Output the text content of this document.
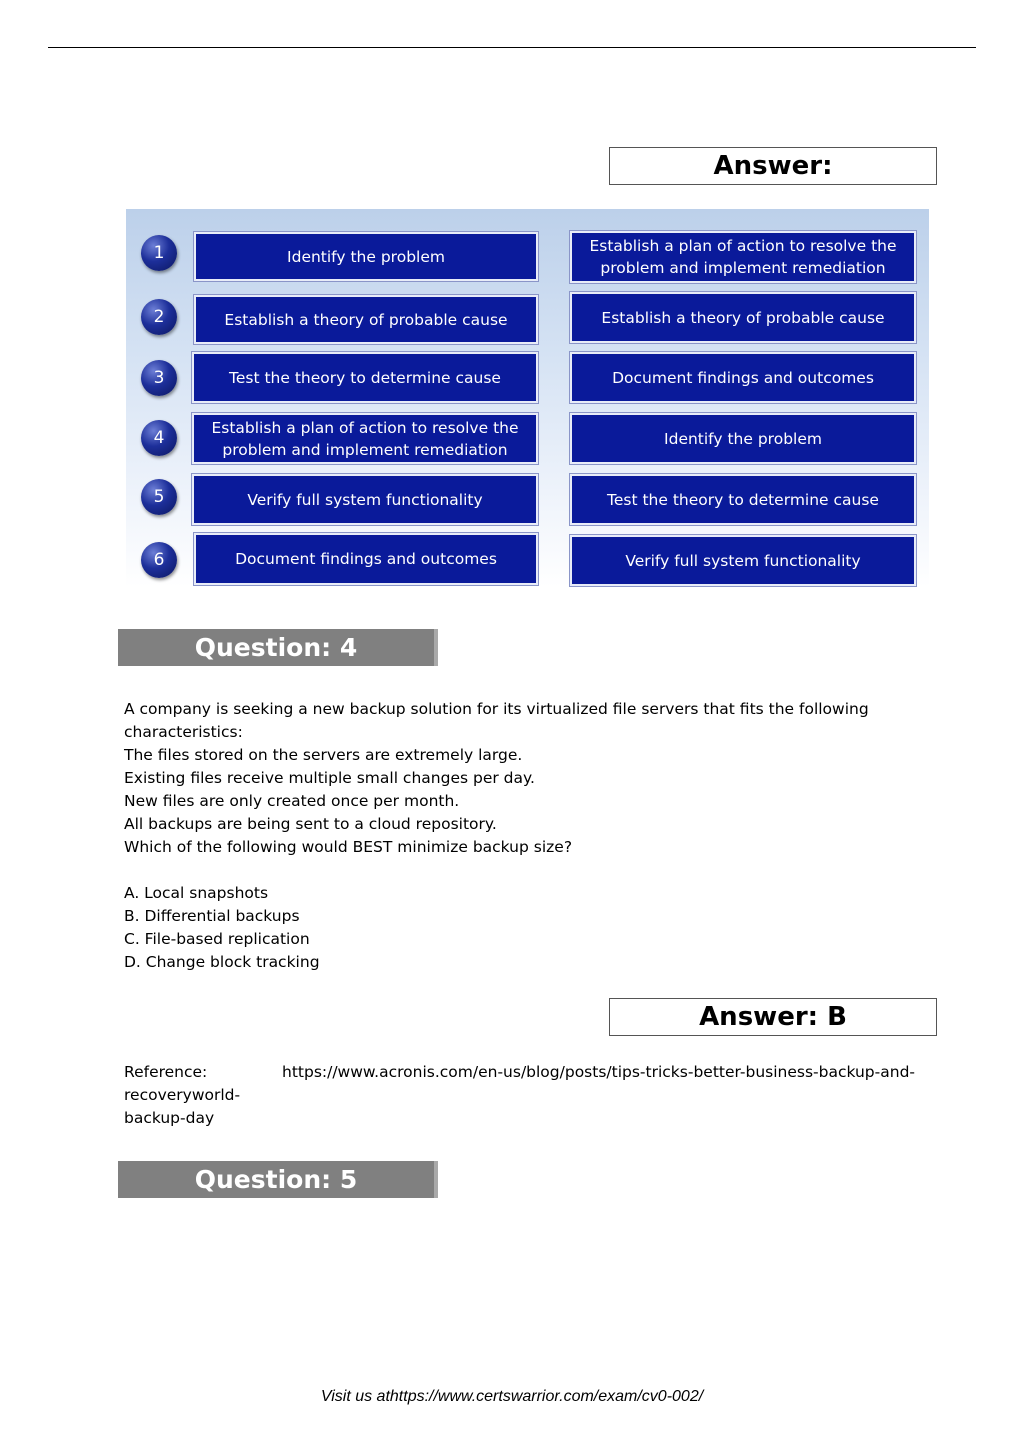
Answer:
1
2
3
4
5
6
Identify the problem
Establish a theory of probable cause
Test the theory to determine cause
Establish a plan of action to resolve the problem and implement remediation
Verify full system functionality
Document findings and outcomes
Establish a plan of action to resolve the problem and implement remediation
Establish a theory of probable cause
Document findings and outcomes
Identify the problem
Test the theory to determine cause
Verify full system functionality
Question: 4
A company is seeking a new backup solution for its virtualized file servers that fits the following
characteristics:
The files stored on the servers are extremely large.
Existing files receive multiple small changes per day.
New files are only created once per month.
All backups are being sent to a cloud repository.
Which of the following would BEST minimize backup size?
A. Local snapshots
B. Differential backups
C. File-based replication
D. Change block tracking
Answer: B
Reference:	https://www.acronis.com/en-us/blog/posts/tips-tricks-better-business-backup-and-
recoveryworld-
backup-day
Question: 5
Visit us athttps://www.certswarrior.com/exam/cv0-002/
